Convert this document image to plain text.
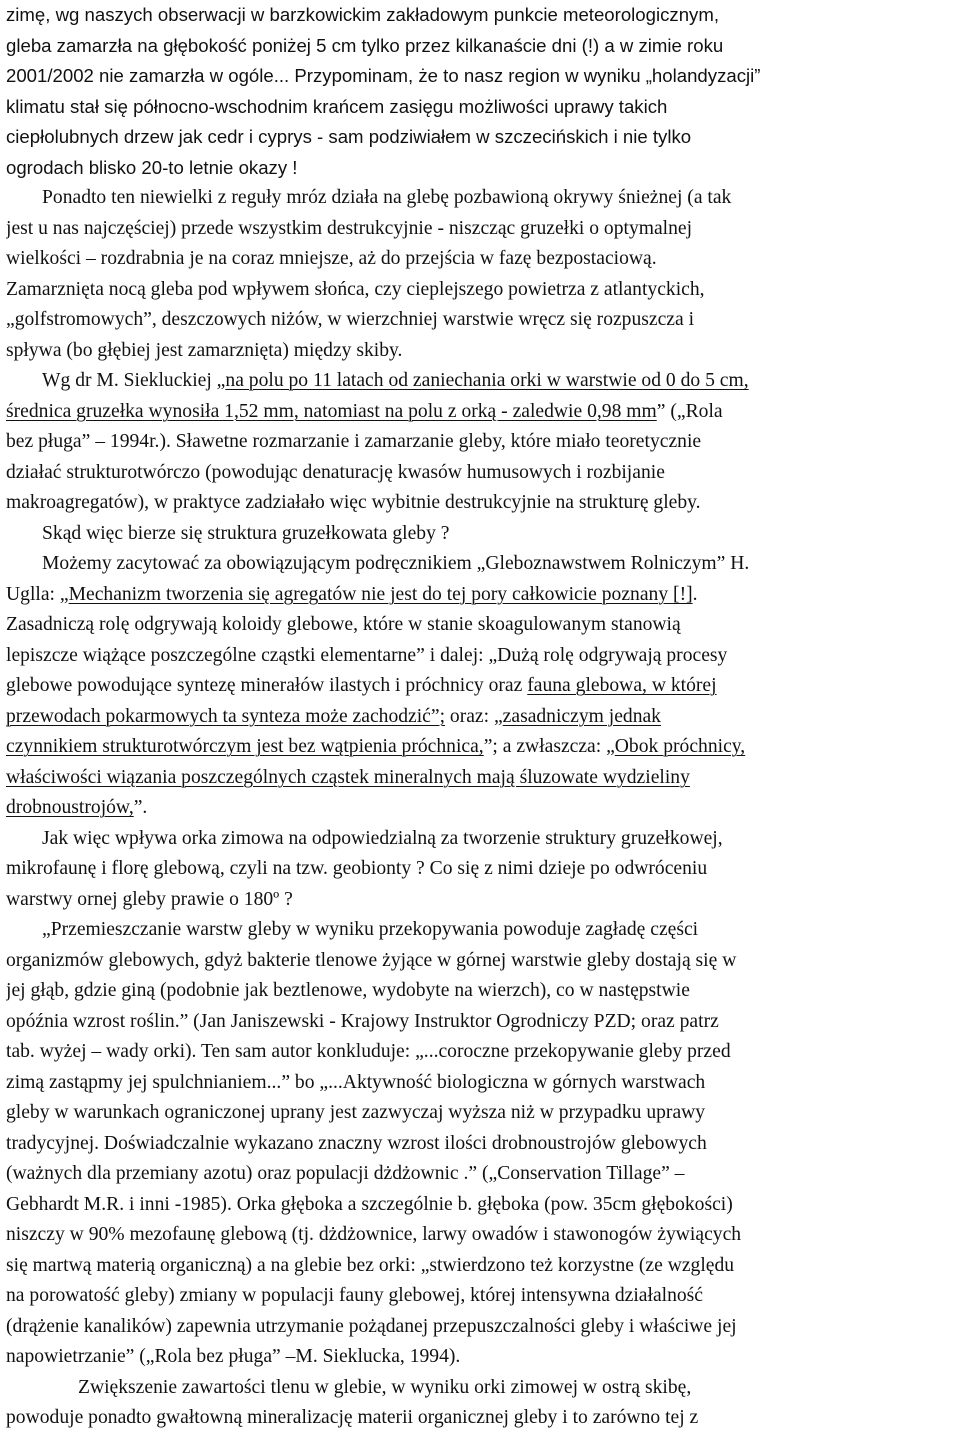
zimę, wg naszych obserwacji w barzkowickim zakładowym punkcie meteorologicznym,
gleba zamarzła na głębokość poniżej 5 cm tylko przez kilkanaście dni (!) a w zimie roku
2001/2002 nie zamarzła w ogóle... Przypominam, że to nasz region w wyniku „holandyzacji”
klimatu stał się północno-wschodnim krańcem zasięgu możliwości uprawy takich
ciepłolubnych drzew jak cedr i cyprys - sam podziwiałem w szczecińskich i nie tylko
ogrodach blisko 20-to letnie okazy !
Ponadto ten niewielki z reguły mróz działa na glebę pozbawioną okrywy śnieżnej (a tak
jest u nas najczęściej) przede wszystkim destrukcyjnie - niszcząc gruzełki o optymalnej
wielkości – rozdrabnia je na coraz mniejsze, aż do przejścia w fazę bezpostaciową.
Zamarznięta nocą gleba pod wpływem słońca, czy cieplejszego powietrza z atlantyckich,
„golfstromowych”, deszczowych niżów, w wierzchniej warstwie wręcz się rozpuszcza i
spływa (bo głębiej jest zamarznięta) między skiby.
Wg dr M. Siekluckiej „na polu po 11 latach od zaniechania orki w warstwie od 0 do 5 cm,
średnica gruzełka wynosiła 1,52 mm, natomiast na polu z orką - zaledwie 0,98 mm” („Rola
bez pługa” – 1994r.). Sławetne rozmarzanie i zamarzanie gleby, które miało teoretycznie
działać strukturotwórczo (powodując denaturację kwasów humusowych i rozbijanie
makroagregatów), w praktyce zadziałało więc wybitnie destrukcyjnie na strukturę gleby.
Skąd więc bierze się struktura gruzełkowata gleby ?
Możemy zacytować za obowiązującym podręcznikiem „Gleboznawstwem Rolniczym” H.
Uglla: „Mechanizm tworzenia się agregatów nie jest do tej pory całkowicie poznany [!].
Zasadniczą rolę odgrywają koloidy glebowe, które w stanie skoagulowanym stanowią
lepiszcze wiążące poszczególne cząstki elementarne” i dalej: „Dużą rolę odgrywają procesy
glebowe powodujące syntezę minerałów ilastych i próchnicy oraz fauna glebowa, w której
przewodach pokarmowych ta synteza może zachodzić”; oraz: „zasadniczym jednak
czynnikiem strukturotwórczym jest bez wątpienia próchnica,”; a zwłaszcza: „Obok próchnicy,
właściwości wiązania poszczególnych cząstek mineralnych mają śluzowate wydzieliny
drobnoustrojów,”.
Jak więc wpływa orka zimowa na odpowiedzialną za tworzenie struktury gruzełkowej,
mikrofaunę i florę glebową, czyli na tzw. geobionty ? Co się z nimi dzieje po odwróceniu
warstwy ornej gleby prawie o 180º ?
„Przemieszczanie warstw gleby w wyniku przekopywania powoduje zagładę części
organizmów glebowych, gdyż bakterie tlenowe żyjące w górnej warstwie gleby dostają się w
jej głąb, gdzie giną (podobnie jak beztlenowe, wydobyte na wierzch), co w następstwie
opóźnia wzrost roślin.” (Jan Janiszewski - Krajowy Instruktor Ogrodniczy PZD; oraz patrz
tab. wyżej – wady orki). Ten sam autor konkluduje: „...coroczne przekopywanie gleby przed
zimą zastąpmy jej spulchnianiem...” bo „...Aktywność biologiczna w górnych warstwach
gleby w warunkach ograniczonej uprany jest zazwyczaj wyższa niż w przypadku uprawy
tradycyjnej. Doświadczalnie wykazano znaczny wzrost ilości drobnoustrojów glebowych
(ważnych dla przemiany azotu) oraz populacji dżdżownic .” („Conservation Tillage” –
Gebhardt M.R. i inni -1985). Orka głęboka a szczególnie b. głęboka (pow. 35cm głębokości)
niszczy w 90% mezofaunę glebową (tj. dżdżownice, larwy owadów i stawonogów żywiących
się martwą materią organiczną) a na glebie bez orki: „stwierdzono też korzystne (ze względu
na porowatość gleby) zmiany w populacji fauny glebowej, której intensywna działalność
(drążenie kanalików) zapewnia utrzymanie pożądanej przepuszczalności gleby i właściwe jej
napowietrzanie” („Rola bez pługa” –M. Siekluck‍a, 1994).
Zwiększenie zawartości tlenu w glebie, w wyniku orki zimowej w ostrą skibę,
powoduje ponadto gwałtowną mineralizację materii organicznej gleby i to zarówno tej z
